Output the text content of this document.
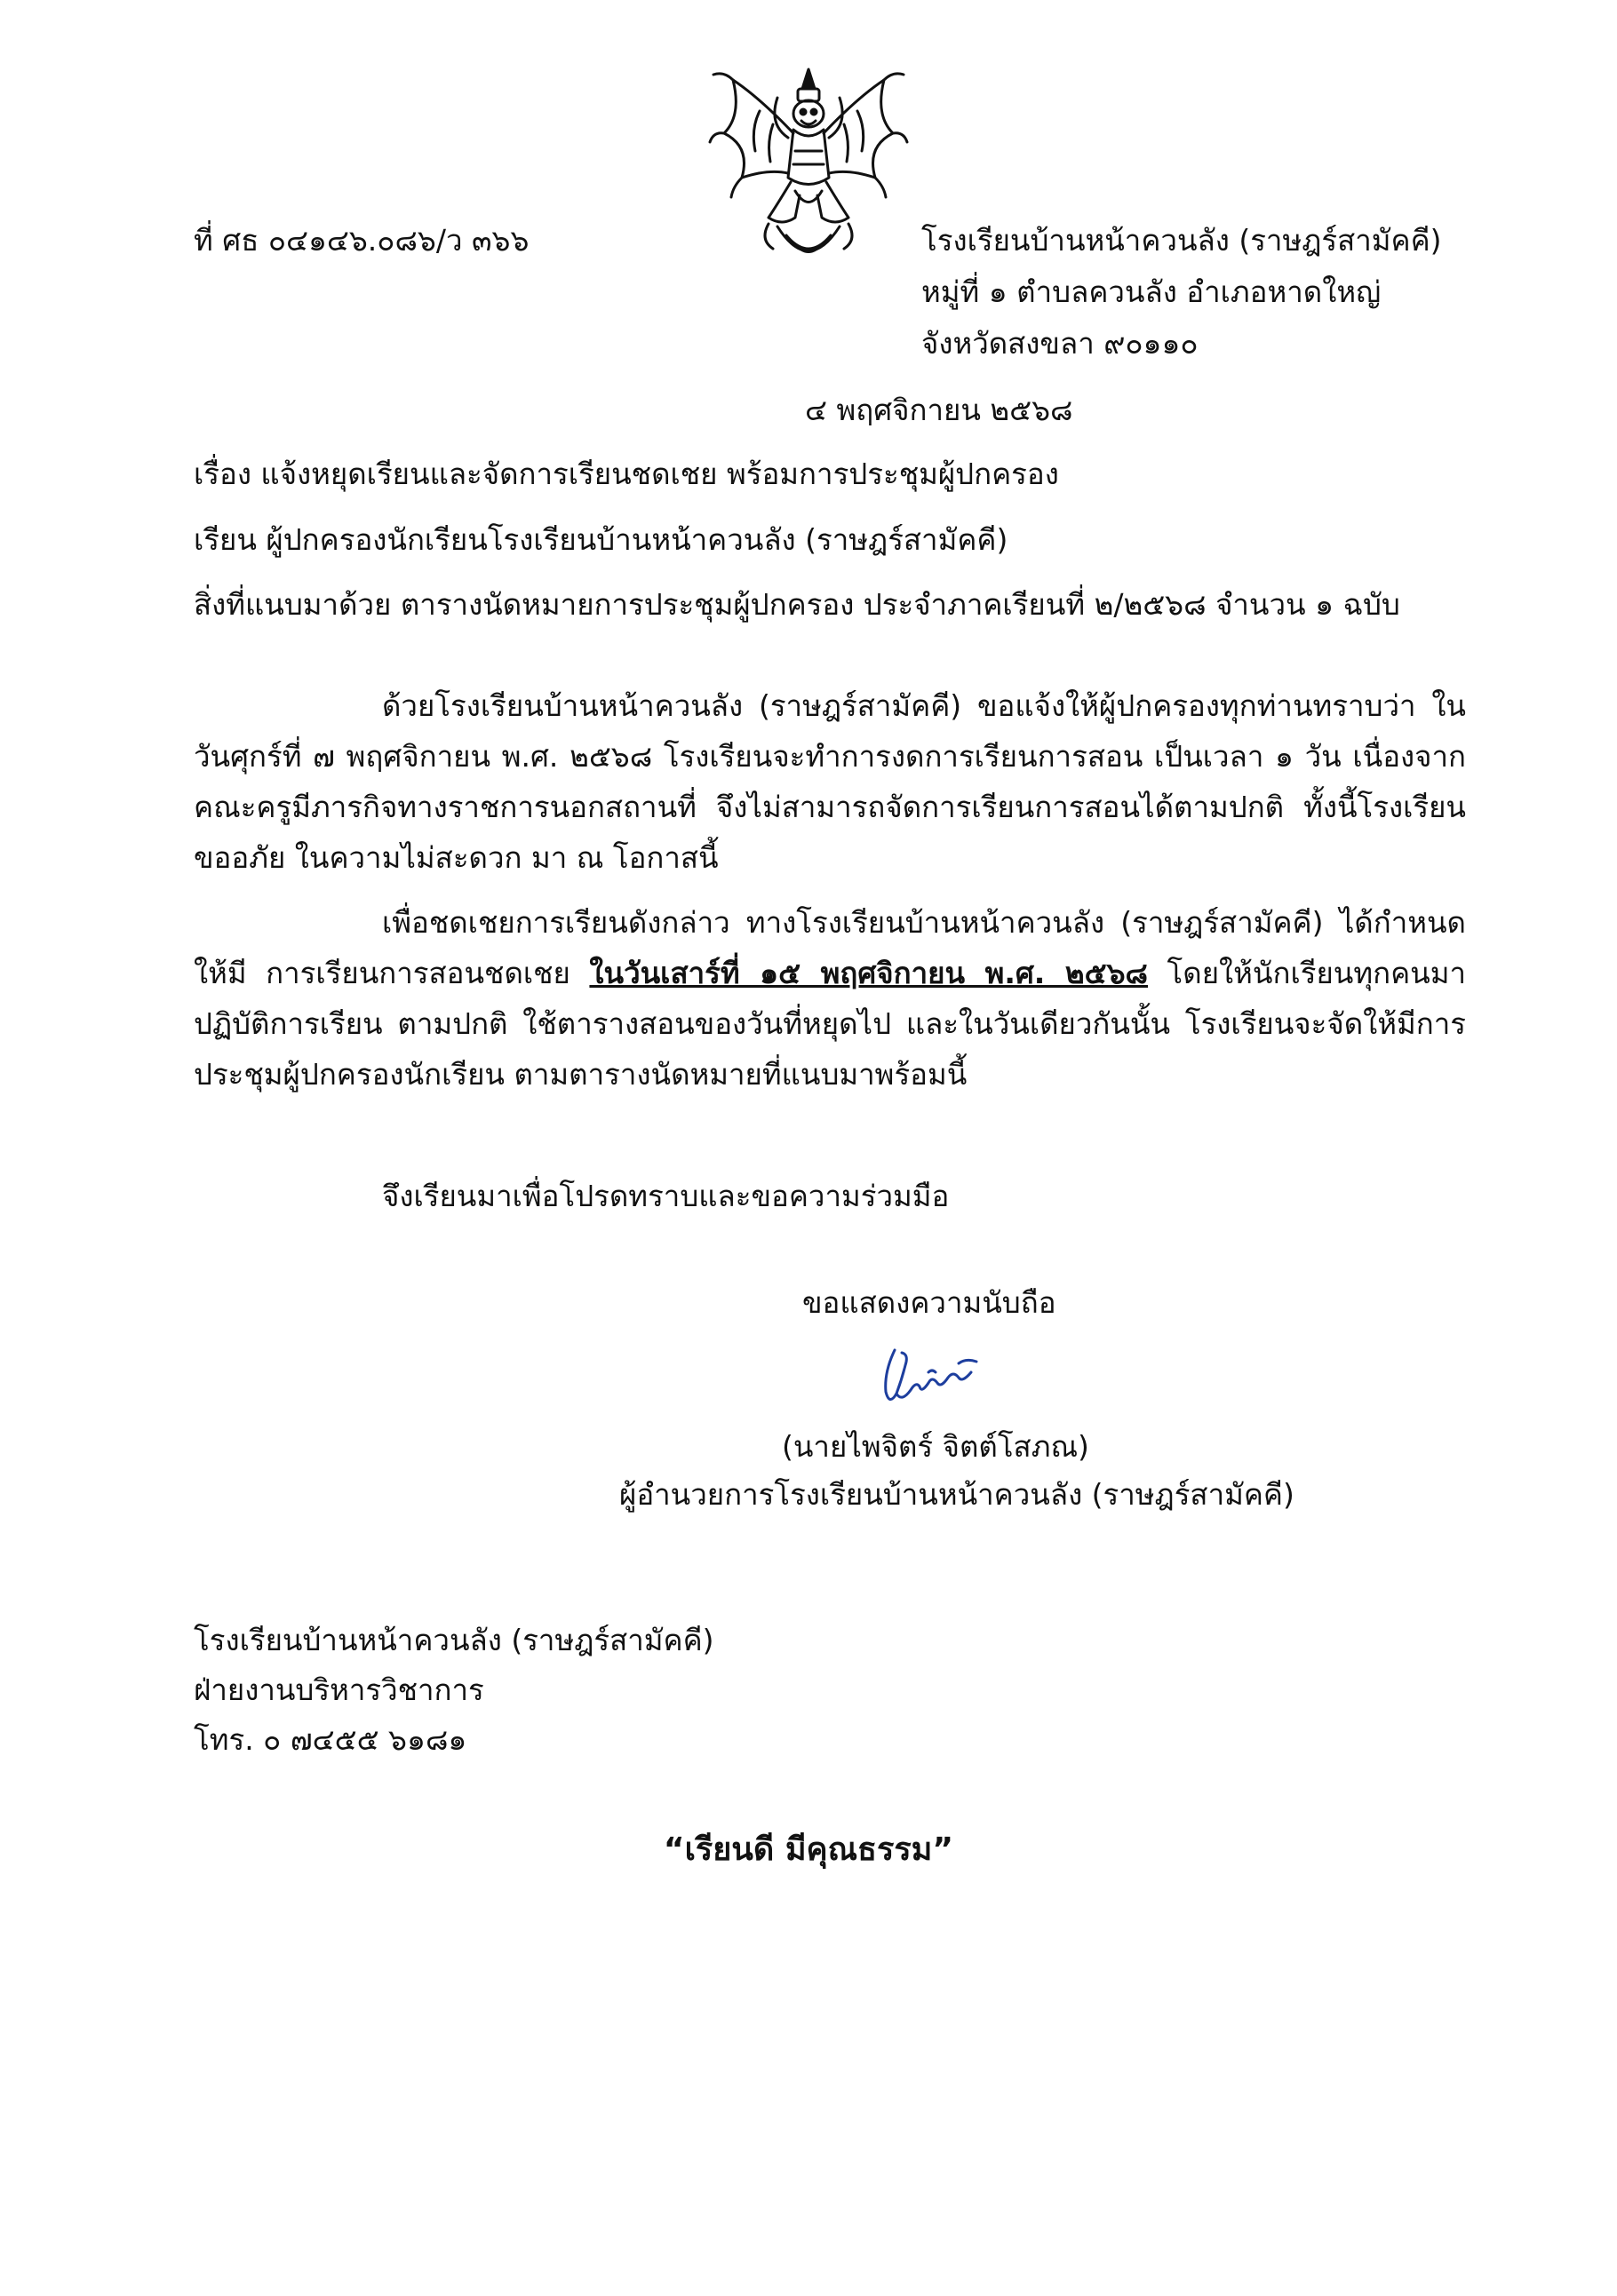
ที่ ศธ ๐๔๑๔๖.๐๘๖/ว ๓๖๖	โรงเรียนบ้านหน้าควนลัง (ราษฎร์สามัคคี)
หมู่ที่ ๑ ตำบลควนลัง อำเภอหาดใหญ่
จังหวัดสงขลา ๙๐๑๑๐
๔ พฤศจิกายน ๒๕๖๘
เรื่อง แจ้งหยุดเรียนและจัดการเรียนชดเชย พร้อมการประชุมผู้ปกครอง
เรียน ผู้ปกครองนักเรียนโรงเรียนบ้านหน้าควนลัง (ราษฎร์สามัคคี)
สิ่งที่แนบมาด้วย ตารางนัดหมายการประชุมผู้ปกครอง ประจำภาคเรียนที่ ๒/๒๕๖๘ จำนวน ๑ ฉบับ
ด้วยโรงเรียนบ้านหน้าควนลัง (ราษฎร์สามัคคี) ขอแจ้งให้ผู้ปกครองทุกท่านทราบว่า ในวันศุกร์ที่ ๗ พฤศจิกายน พ.ศ. ๒๕๖๘ โรงเรียนจะทำการงดการเรียนการสอน เป็นเวลา ๑ วัน เนื่องจาก คณะครูมีภารกิจทางราชการนอกสถานที่ จึงไม่สามารถจัดการเรียนการสอนได้ตามปกติ ทั้งนี้โรงเรียนขออภัย ในความไม่สะดวก มา ณ โอกาสนี้
เพื่อชดเชยการเรียนดังกล่าว ทางโรงเรียนบ้านหน้าควนลัง (ราษฎร์สามัคคี) ได้กำหนดให้มี การเรียนการสอนชดเชย ในวันเสาร์ที่ ๑๕ พฤศจิกายน พ.ศ. ๒๕๖๘ โดยให้นักเรียนทุกคนมาปฏิบัติการเรียน ตามปกติ ใช้ตารางสอนของวันที่หยุดไป และในวันเดียวกันนั้น โรงเรียนจะจัดให้มีการประชุมผู้ปกครองนักเรียน ตามตารางนัดหมายที่แนบมาพร้อมนี้
จึงเรียนมาเพื่อโปรดทราบและขอความร่วมมือ
ขอแสดงความนับถือ
(นายไพจิตร์ จิตต์โสภณ)
ผู้อำนวยการโรงเรียนบ้านหน้าควนลัง (ราษฎร์สามัคคี)
โรงเรียนบ้านหน้าควนลัง (ราษฎร์สามัคคี)
ฝ่ายงานบริหารวิชาการ
โทร. ๐ ๗๔๕๕ ๖๑๘๑
“เรียนดี มีคุณธรรม”
